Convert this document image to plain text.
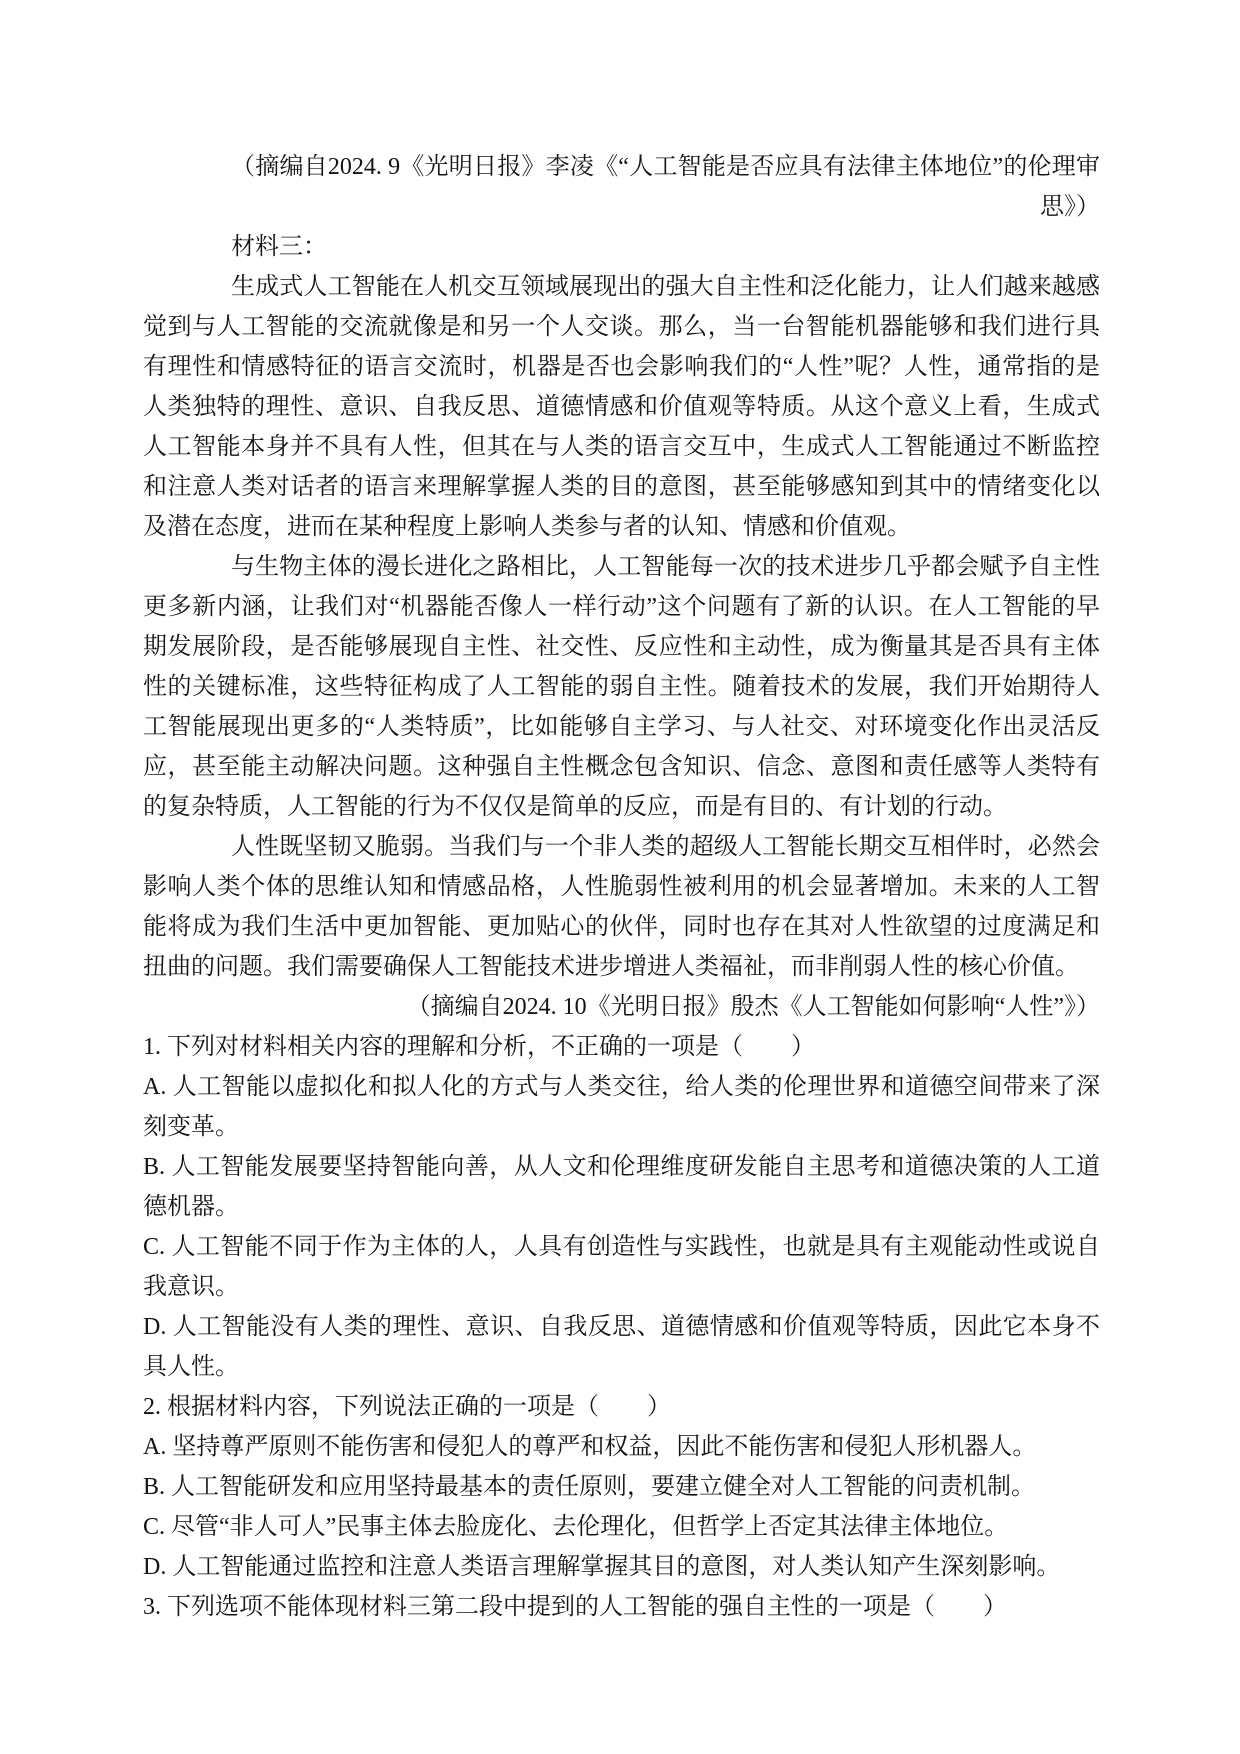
（摘编自2024. 9《光明日报》李凌《“人工智能是否应具有法律主体地位”的伦理审
思》）
材料三：
生成式人工智能在人机交互领域展现出的强大自主性和泛化能力，让人们越来越感觉到与人工智能的交流就像是和另一个人交谈。那么，当一台智能机器能够和我们进行具有理性和情感特征的语言交流时，机器是否也会影响我们的“人性”呢？人性，通常指的是人类独特的理性、意识、自我反思、道德情感和价值观等特质。从这个意义上看，生成式人工智能本身并不具有人性，但其在与人类的语言交互中，生成式人工智能通过不断监控和注意人类对话者的语言来理解掌握人类的目的意图，甚至能够感知到其中的情绪变化以及潜在态度，进而在某种程度上影响人类参与者的认知、情感和价值观。
与生物主体的漫长进化之路相比，人工智能每一次的技术进步几乎都会赋予自主性更多新内涵，让我们对“机器能否像人一样行动”这个问题有了新的认识。在人工智能的早期发展阶段，是否能够展现自主性、社交性、反应性和主动性，成为衡量其是否具有主体性的关键标准，这些特征构成了人工智能的弱自主性。随着技术的发展，我们开始期待人工智能展现出更多的“人类特质”，比如能够自主学习、与人社交、对环境变化作出灵活反应，甚至能主动解决问题。这种强自主性概念包含知识、信念、意图和责任感等人类特有的复杂特质，人工智能的行为不仅仅是简单的反应，而是有目的、有计划的行动。
人性既坚韧又脆弱。当我们与一个非人类的超级人工智能长期交互相伴时，必然会影响人类个体的思维认知和情感品格，人性脆弱性被利用的机会显著增加。未来的人工智能将成为我们生活中更加智能、更加贴心的伙伴，同时也存在其对人性欲望的过度满足和扭曲的问题。我们需要确保人工智能技术进步增进人类福祉，而非削弱人性的核心价值。
（摘编自2024. 10《光明日报》殷杰《人工智能如何影响“人性”》）
1. 下列对材料相关内容的理解和分析，不正确的一项是（　　）
A. 人工智能以虚拟化和拟人化的方式与人类交往，给人类的伦理世界和道德空间带来了深刻变革。
B. 人工智能发展要坚持智能向善，从人文和伦理维度研发能自主思考和道德决策的人工道德机器。
C. 人工智能不同于作为主体的人，人具有创造性与实践性，也就是具有主观能动性或说自我意识。
D. 人工智能没有人类的理性、意识、自我反思、道德情感和价值观等特质，因此它本身不具人性。
2. 根据材料内容，下列说法正确的一项是（　　）
A. 坚持尊严原则不能伤害和侵犯人的尊严和权益，因此不能伤害和侵犯人形机器人。
B. 人工智能研发和应用坚持最基本的责任原则，要建立健全对人工智能的问责机制。
C. 尽管“非人可人”民事主体去脸庞化、去伦理化，但哲学上否定其法律主体地位。
D. 人工智能通过监控和注意人类语言理解掌握其目的意图，对人类认知产生深刻影响。
3. 下列选项不能体现材料三第二段中提到的人工智能的强自主性的一项是（　　）
